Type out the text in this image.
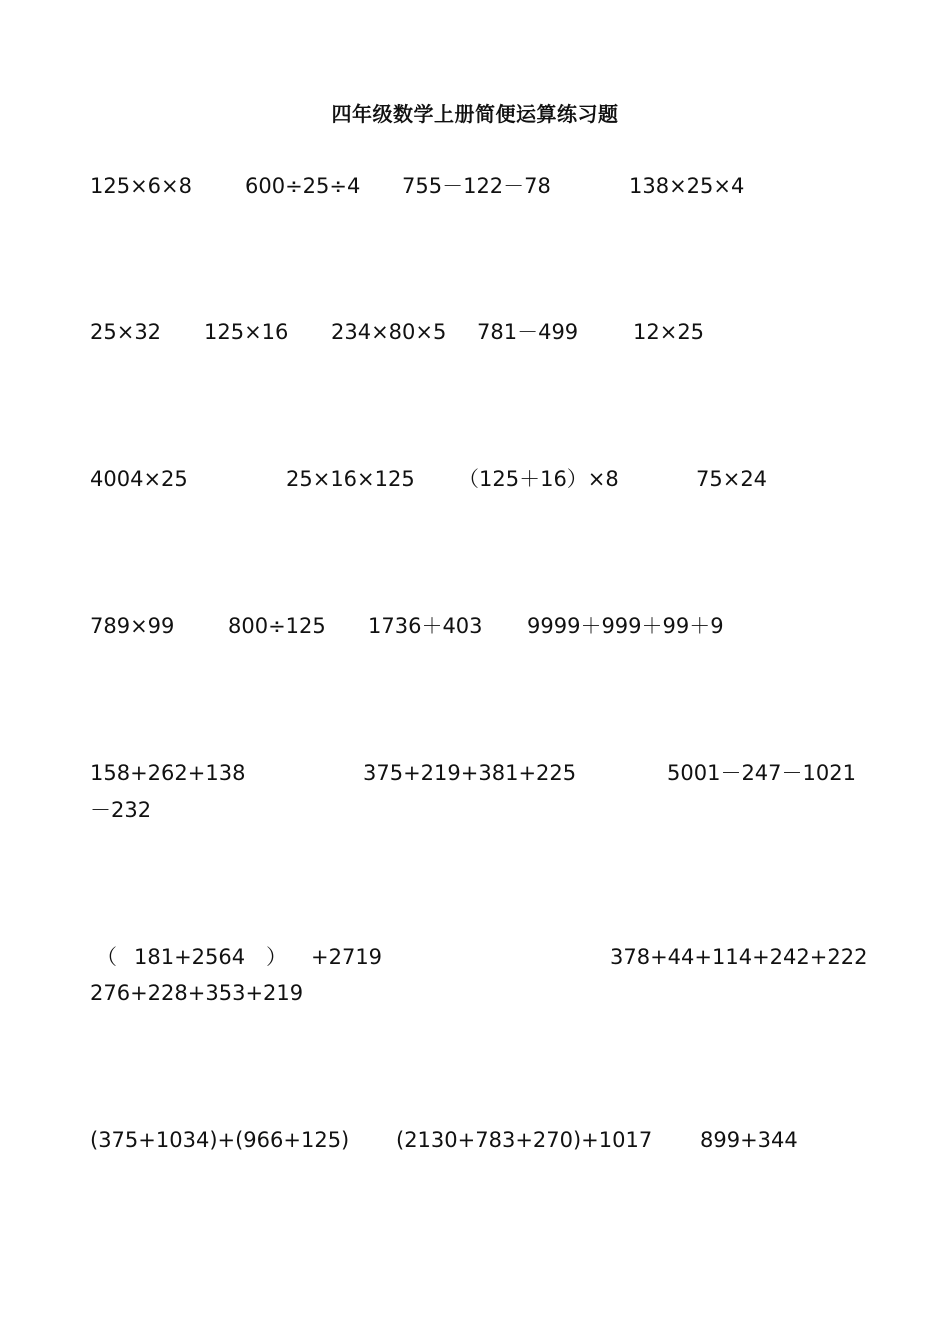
四年级数学上册简便运算练习题
125×6×8	600÷25÷4 755－122－78	138×25×4
25×32 125×16 234×80×5 781－499	12×25
4004×25	25×16×125 （125＋16）×8	75×24
789×99	800÷125 1736＋403 9999＋999＋99＋9
158+262+138	375+219+381+225	5001－247－1021
－232
（ 181+2564 ） +2719	378+44+114+242+222
276+228+353+219
(375+1034)+(966+125) (2130+783+270)+1017 899+344
